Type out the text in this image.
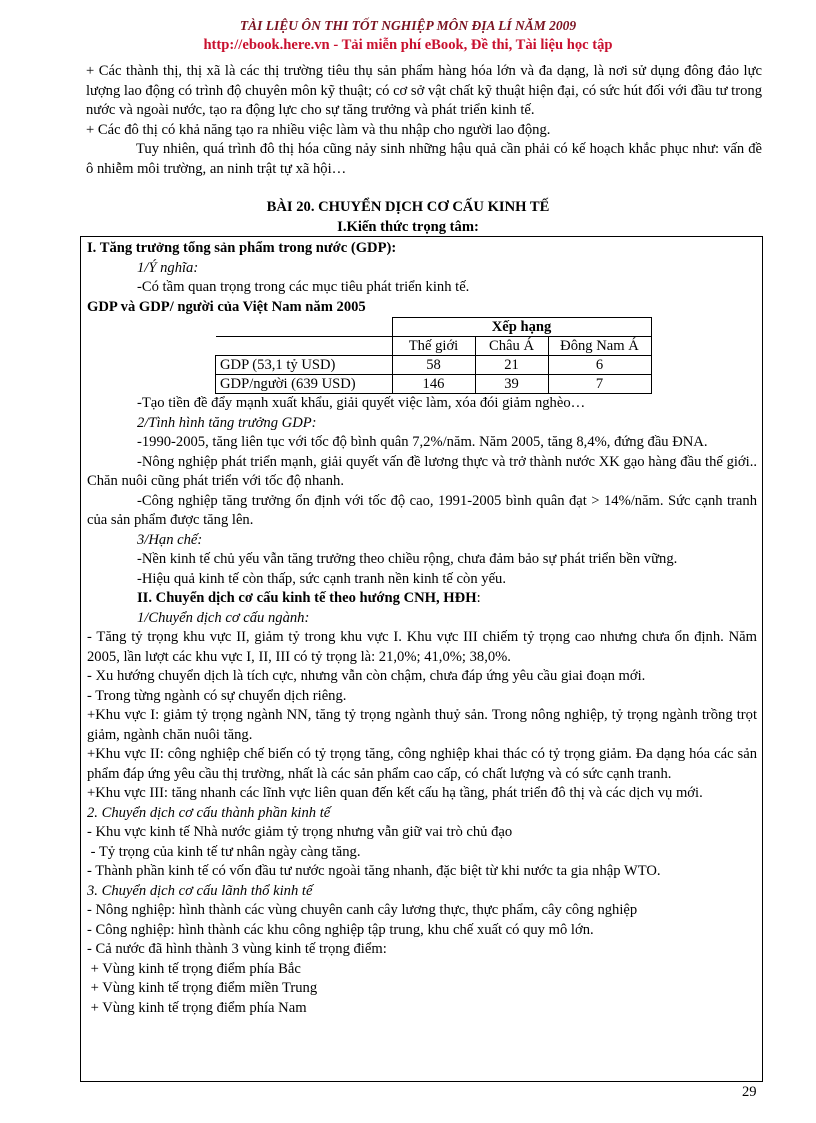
TÀI LIỆU ÔN THI TỐT NGHIỆP MÔN ĐỊA LÍ NĂM 2009
http://ebook.here.vn - Tải miễn phí eBook, Đề thi, Tài liệu học tập

+ Các thành thị, thị xã là các thị trường tiêu thụ sản phẩm hàng hóa lớn và đa dạng, là nơi sử dụng đông đảo lực lượng lao động có trình độ chuyên môn kỹ thuật; có cơ sở vật chất kỹ thuật hiện đại, có sức hút đối với đầu tư trong nước và ngoài nước, tạo ra động lực cho sự tăng trưởng và phát triển kinh tế.

+ Các đô thị có khả năng tạo ra nhiều việc làm và thu nhập cho người lao động.

Tuy nhiên, quá trình đô thị hóa cũng nảy sinh những hậu quả cần phải có kế hoạch khắc phục như: vấn đề ô nhiễm môi trường, an ninh trật tự xã hội…

BÀI 20. CHUYỂN DỊCH CƠ CẤU KINH TẾ
I.Kiến thức trọng tâm:

I. Tăng trưởng tổng sản phẩm trong nước (GDP):

1/Ý nghĩa:

-Có tầm quan trọng trong các mục tiêu phát triển kinh tế.

GDP và GDP/ người của Việt Nam năm 2005

	Xếp hạng		
	Thế giới	Châu Á	Đông Nam Á
GDP (53,1 tỷ USD)	58	21	6
GDP/người (639 USD)	146	39	7

-Tạo tiền đề đẩy mạnh xuất khẩu, giải quyết việc làm, xóa đói giảm nghèo…

2/Tình hình tăng trưởng GDP:

-1990-2005, tăng liên tục với tốc độ bình quân 7,2%/năm. Năm 2005, tăng 8,4%, đứng đầu ĐNA.

-Nông nghiệp phát triển mạnh, giải quyết vấn đề lương thực và trở thành nước XK gạo hàng đầu thế giới.. Chăn nuôi cũng phát triển với tốc độ nhanh.

-Công nghiệp tăng trưởng ổn định với tốc độ cao, 1991-2005 bình quân đạt > 14%/năm. Sức cạnh tranh của sản phẩm được tăng lên.

3/Hạn chế:

-Nền kinh tế chủ yếu vẫn tăng trưởng theo chiều rộng, chưa đảm bảo sự phát triển bền vững.

-Hiệu quả kinh tế còn thấp, sức cạnh tranh nền kinh tế còn yếu.

II. Chuyển dịch cơ cấu kinh tế theo hướng CNH, HĐH:

1/Chuyển dịch cơ cấu ngành:

- Tăng tỷ trọng khu vực II, giảm tỷ trong khu vực I. Khu vực III chiếm tỷ trọng cao nhưng chưa ổn định. Năm 2005, lần lượt các khu vực I, II, III có tỷ trọng là: 21,0%; 41,0%; 38,0%.

- Xu hướng chuyển dịch là tích cực, nhưng vẫn còn chậm, chưa đáp ứng yêu cầu giai đoạn mới.

- Trong từng ngành có sự chuyển dịch riêng.

+Khu vực I: giảm tỷ trọng ngành NN, tăng tỷ trọng ngành thuỷ sản. Trong nông nghiệp, tỷ trọng ngành trồng trọt giảm, ngành chăn nuôi tăng.

+Khu vực II: công nghiệp chế biến có tỷ trọng tăng, công nghiệp khai thác có tỷ trọng giảm. Đa dạng hóa các sản phẩm đáp ứng yêu cầu thị trường, nhất là các sản phẩm cao cấp, có chất lượng và có sức cạnh tranh.

+Khu vực III: tăng nhanh các lĩnh vực liên quan đến kết cấu hạ tầng, phát triển đô thị và các dịch vụ mới.

2. Chuyển dịch cơ cấu thành phần kinh tế

- Khu vực kinh tế Nhà nước giảm tỷ trọng nhưng vẫn giữ vai trò chủ đạo

- Tỷ trọng của kinh tế tư nhân ngày càng tăng.

- Thành phần kinh tế có vốn đầu tư nước ngoài tăng nhanh, đặc biệt từ khi nước ta gia nhập WTO.

3. Chuyển dịch cơ cấu lãnh thổ kinh tế

- Nông nghiệp: hình thành các vùng chuyên canh cây lương thực, thực phẩm, cây công nghiệp

- Công nghiệp: hình thành các khu công nghiệp tập trung, khu chế xuất có quy mô lớn.

- Cả nước đã hình thành 3 vùng kinh tế trọng điểm:

+ Vùng kinh tế trọng điểm phía Bắc

+ Vùng kinh tế trọng điểm miền Trung

+ Vùng kinh tế trọng điểm phía Nam

29
